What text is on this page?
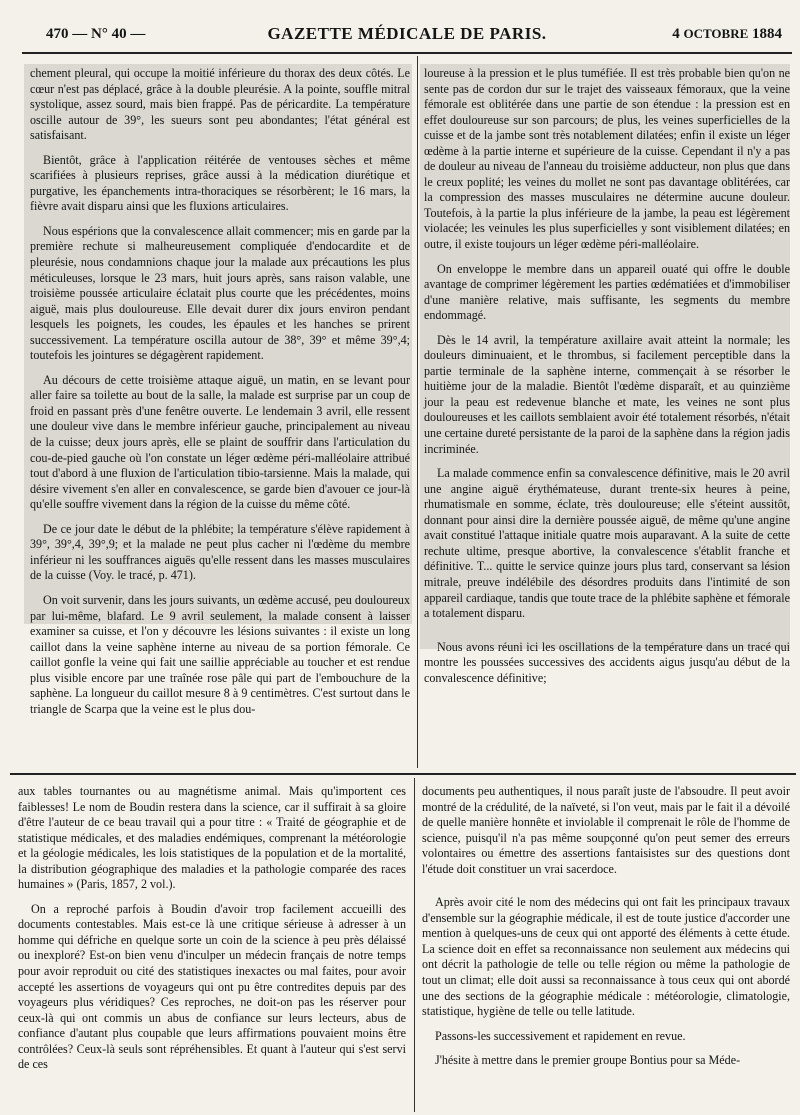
470 — N° 40 —	GAZETTE MÉDICALE DE PARIS.	4 OCTOBRE 1884

chement pleural, qui occupe la moitié inférieure du thorax des deux côtés. Le cœur n'est pas déplacé, grâce à la double pleurésie. A la pointe, souffle mitral systolique, assez sourd, mais bien frappé. Pas de péricardite. La température oscille autour de 39°, les sueurs sont peu abondantes; l'état général est satisfaisant.

Bientôt, grâce à l'application réitérée de ventouses sèches et même scarifiées à plusieurs reprises, grâce aussi à la médication diurétique et purgative, les épanchements intra-thoraciques se résorbèrent; le 16 mars, la fièvre avait disparu ainsi que les fluxions articulaires.

Nous espérions que la convalescence allait commencer; mis en garde par la première rechute si malheureusement compliquée d'endocardite et de pleurésie, nous condamnions chaque jour la malade aux précautions les plus méticuleuses, lorsque le 23 mars, huit jours après, sans raison valable, une troisième poussée articulaire éclatait plus courte que les précédentes, moins aiguë, mais plus douloureuse. Elle devait durer dix jours environ pendant lesquels les poignets, les coudes, les épaules et les hanches se prirent successivement. La température oscilla autour de 38°, 39° et même 39°,4; toutefois les jointures se dégagèrent rapidement.

Au décours de cette troisième attaque aiguë, un matin, en se levant pour aller faire sa toilette au bout de la salle, la malade est surprise par un coup de froid en passant près d'une fenêtre ouverte. Le lendemain 3 avril, elle ressent une douleur vive dans le membre inférieur gauche, principalement au niveau de la cuisse; deux jours après, elle se plaint de souffrir dans l'articulation du cou-de-pied gauche où l'on constate un léger œdème péri-malléolaire attribué tout d'abord à une fluxion de l'articulation tibio-tarsienne. Mais la malade, qui désire vivement s'en aller en convalescence, se garde bien d'avouer ce jour-là qu'elle souffre vivement dans la région de la cuisse du même côté.

De ce jour date le début de la phlébite; la température s'élève rapidement à 39°, 39°,4, 39°,9; et la malade ne peut plus cacher ni l'œdème du membre inférieur ni les souffrances aiguës qu'elle ressent dans les masses musculaires de la cuisse (Voy. le tracé, p. 471).

On voit survenir, dans les jours suivants, un œdème accusé, peu douloureux par lui-même, blafard. Le 9 avril seulement, la malade consent à laisser examiner sa cuisse, et l'on y découvre les lésions suivantes : il existe un long caillot dans la veine saphène interne au niveau de sa portion fémorale. Ce caillot gonfle la veine qui fait une saillie appréciable au toucher et est rendue plus visible encore par une traînée rose pâle qui part de l'embouchure de la saphène. La longueur du caillot mesure 8 à 9 centimètres. C'est surtout dans le triangle de Scarpa que la veine est le plus dou-

loureuse à la pression et le plus tuméfiée. Il est très probable bien qu'on ne sente pas de cordon dur sur le trajet des vaisseaux fémoraux, que la veine fémorale est oblitérée dans une partie de son étendue : la pression est en effet douloureuse sur son parcours; de plus, les veines superficielles de la cuisse et de la jambe sont très notablement dilatées; enfin il existe un léger œdème à la partie interne et supérieure de la cuisse. Cependant il n'y a pas de douleur au niveau de l'anneau du troisième adducteur, non plus que dans le creux poplité; les veines du mollet ne sont pas davantage oblitérées, car la compression des masses musculaires ne détermine aucune douleur. Toutefois, à la partie la plus inférieure de la jambe, la peau est légèrement violacée; les veinules les plus superficielles y sont visiblement dilatées; en outre, il existe toujours un léger œdème péri-malléolaire.

On enveloppe le membre dans un appareil ouaté qui offre le double avantage de comprimer légèrement les parties œdématiées et d'immobiliser d'une manière relative, mais suffisante, les segments du membre endommagé.

Dès le 14 avril, la température axillaire avait atteint la normale; les douleurs diminuaient, et le thrombus, si facilement perceptible dans la partie terminale de la saphène interne, commençait à se résorber le huitième jour de la maladie. Bientôt l'œdème disparaît, et au quinzième jour la peau est redevenue blanche et mate, les veines ne sont plus douloureuses et les caillots semblaient avoir été totalement résorbés, n'était une certaine dureté persistante de la paroi de la saphène dans la région jadis incriminée.

La malade commence enfin sa convalescence définitive, mais le 20 avril une angine aiguë érythémateuse, durant trente-six heures à peine, rhumatismale en somme, éclate, très douloureuse; elle s'éteint aussitôt, donnant pour ainsi dire la dernière poussée aiguë, de même qu'une angine avait constitué l'attaque initiale quatre mois auparavant. A la suite de cette rechute ultime, presque abortive, la convalescence s'établit franche et définitive. T... quitte le service quinze jours plus tard, conservant sa lésion mitrale, preuve indélébile des désordres produits dans l'intimité de son appareil cardiaque, tandis que toute trace de la phlébite saphène et fémorale a totalement disparu.

Nous avons réuni ici les oscillations de la température dans un tracé qui montre les poussées successives des accidents aigus jusqu'au début de la convalescence définitive;

aux tables tournantes ou au magnétisme animal. Mais qu'importent ces faiblesses! Le nom de Boudin restera dans la science, car il suffirait à sa gloire d'être l'auteur de ce beau travail qui a pour titre : « Traité de géographie et de statistique médicales, et des maladies endémiques, comprenant la météorologie et la géologie médicales, les lois statistiques de la population et de la mortalité, la distribution géographique des maladies et la pathologie comparée des races humaines » (Paris, 1857, 2 vol.).

On a reproché parfois à Boudin d'avoir trop facilement accueilli des documents contestables. Mais est-ce là une critique sérieuse à adresser à un homme qui défriche en quelque sorte un coin de la science à peu près délaissé ou inexploré? Est-on bien venu d'inculper un médecin français de notre temps pour avoir reproduit ou cité des statistiques inexactes ou mal faites, pour avoir accepté les assertions de voyageurs qui ont pu être contredites depuis par des voyageurs plus véridiques? Ces reproches, ne doit-on pas les réserver pour ceux-là qui ont commis un abus de confiance sur leurs lecteurs, abus de confiance d'autant plus coupable que leurs affirmations pouvaient moins être contrôlées? Ceux-là seuls sont répréhensibles. Et quant à l'auteur qui s'est servi de ces

documents peu authentiques, il nous paraît juste de l'absoudre. Il peut avoir montré de la crédulité, de la naïveté, si l'on veut, mais par le fait il a dévoilé de quelle manière honnête et inviolable il comprenait le rôle de l'homme de science, puisqu'il n'a pas même soupçonné qu'on peut semer des erreurs volontaires ou émettre des assertions fantaisistes sur des questions dont l'étude doit constituer un vrai sacerdoce.

Après avoir cité le nom des médecins qui ont fait les principaux travaux d'ensemble sur la géographie médicale, il est de toute justice d'accorder une mention à quelques-uns de ceux qui ont apporté des éléments à cette étude. La science doit en effet sa reconnaissance non seulement aux médecins qui ont décrit la pathologie de telle ou telle région ou même la pathologie de tout un climat; elle doit aussi sa reconnaissance à tous ceux qui ont abordé une des sections de la géographie médicale : météorologie, climatologie, statistique, hygiène de telle ou telle latitude.

Passons-les successivement et rapidement en revue.

J'hésite à mettre dans le premier groupe Bontius pour sa Méde-
